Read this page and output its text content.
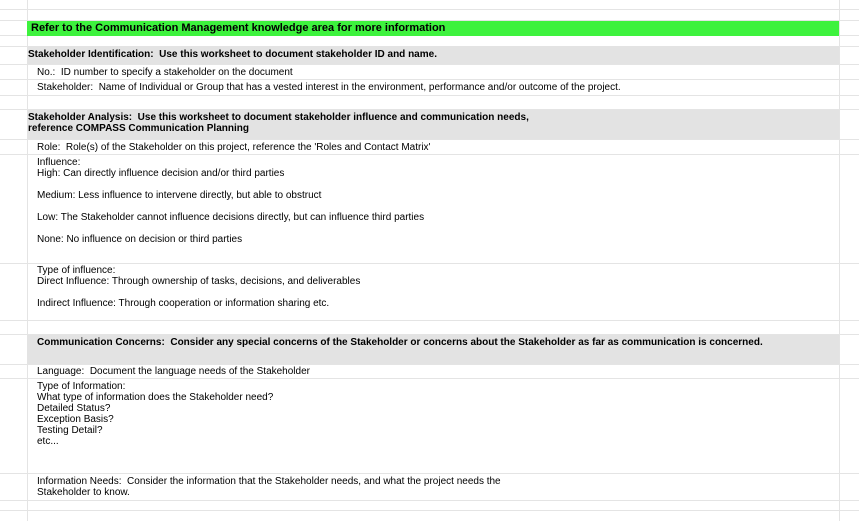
Refer to the Communication Management knowledge area for more information
Stakeholder Identification:  Use this worksheet to document stakeholder ID and name.
No.:  ID number to specify a stakeholder on the document
Stakeholder:  Name of Individual or Group that has a vested interest in the environment, performance and/or outcome of the project.
Stakeholder Analysis:  Use this worksheet to document stakeholder influence and communication needs,
reference COMPASS Communication Planning
Role:  Role(s) of the Stakeholder on this project, reference the 'Roles and Contact Matrix'
Influence:
High: Can directly influence decision and/or third parties
Medium: Less influence to intervene directly, but able to obstruct
Low: The Stakeholder cannot influence decisions directly, but can influence third parties
None: No influence on decision or third parties
Type of influence:
Direct Influence: Through ownership of tasks, decisions, and deliverables
Indirect Influence: Through cooperation or information sharing etc.
Communication Concerns:  Consider any special concerns of the Stakeholder or concerns about the Stakeholder as far as communication is concerned.
Language:  Document the language needs of the Stakeholder
Type of Information:
What type of information does the Stakeholder need?
Detailed Status?
Exception Basis?
Testing Detail?
etc...
Information Needs:  Consider the information that the Stakeholder needs, and what the project needs the
Stakeholder to know.
